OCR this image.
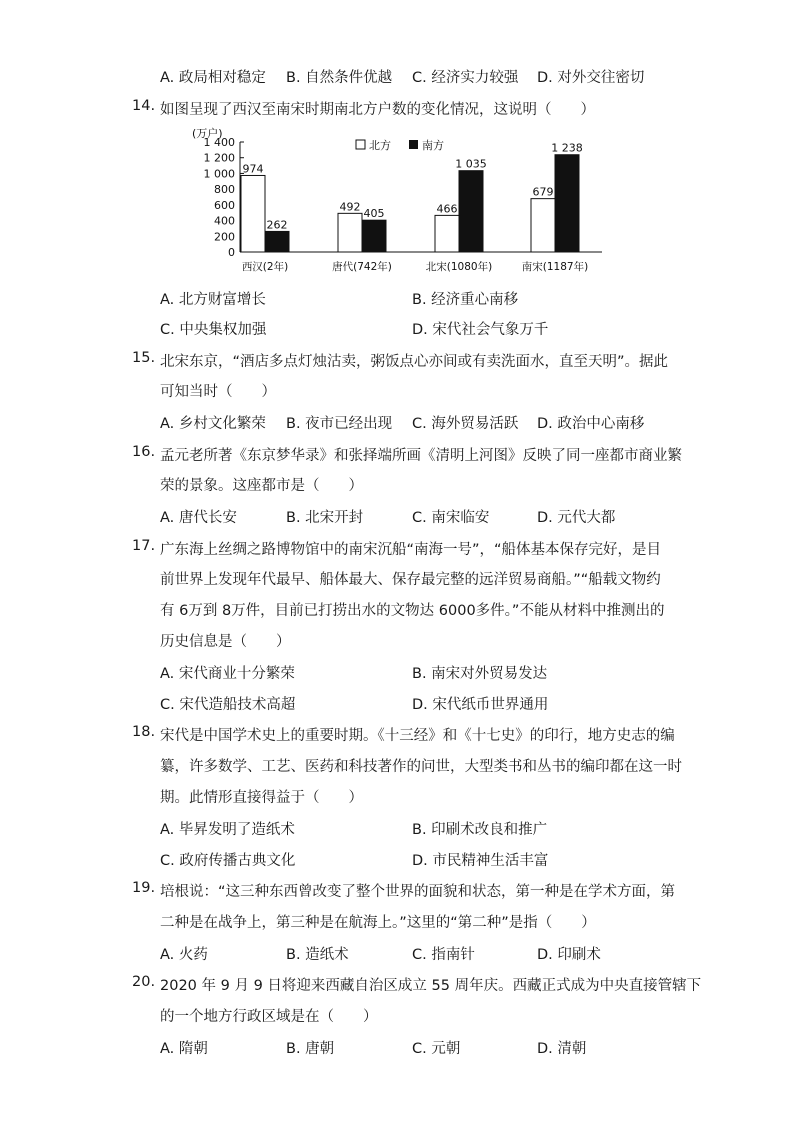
A. 政局相对稳定 B. 自然条件优越 C. 经济实力较强 D. 对外交往密切
14. 如图呈现了西汉至南宋时期南北方户数的变化情况，这说明（　　）
(万户)
1 400
1 200
1 000
800
600
400
200
0
974
262
492
405	466
1 035
679
1 238
西汉(2年)	唐代(742年)	北宋(1080年)	南宋(1187年)
北方	南方
A. 北方财富增长	B. 经济重心南移
C. 中央集权加强	D. 宋代社会气象万千
15. 北宋东京，“酒店多点灯烛沽卖，粥饭点心亦间或有卖洗面水，直至天明”。据此
可知当时（　　）
A. 乡村文化繁荣 B. 夜市已经出现 C. 海外贸易活跃 D. 政治中心南移
16. 孟元老所著《东京梦华录》和张择端所画《清明上河图》反映了同一座都市商业繁
荣的景象。这座都市是（　　）
A. 唐代长安	B. 北宋开封	C. 南宋临安	D. 元代大都
17. 广东海上丝绸之路博物馆中的南宋沉船“南海一号”，“船体基本保存完好，是目
前世界上发现年代最早、船体最大、保存最完整的远洋贸易商船。”“船载文物约
有 6万到 8万件，目前已打捞出水的文物达 6000多件。”不能从材料中推测出的
历史信息是（　　）
A. 宋代商业十分繁荣	B. 南宋对外贸易发达
C. 宋代造船技术高超	D. 宋代纸币世界通用
18. 宋代是中国学术史上的重要时期。《十三经》和《十七史》的印行，地方史志的编
纂，许多数学、工艺、医药和科技著作的问世，大型类书和丛书的编印都在这一时
期。此情形直接得益于（　　）
A. 毕昇发明了造纸术	B. 印刷术改良和推广
C. 政府传播古典文化	D. 市民精神生活丰富
19. 培根说：“这三种东西曾改变了整个世界的面貌和状态，第一种是在学术方面，第
二种是在战争上，第三种是在航海上。”这里的“第二种”是指（　　）
A. 火药	B. 造纸术	C. 指南针	D. 印刷术
20. 2020 年 9 月 9 日将迎来西藏自治区成立 55 周年庆。西藏正式成为中央直接管辖下
的一个地方行政区域是在（　　）
A. 隋朝	B. 唐朝	C. 元朝	D. 清朝
